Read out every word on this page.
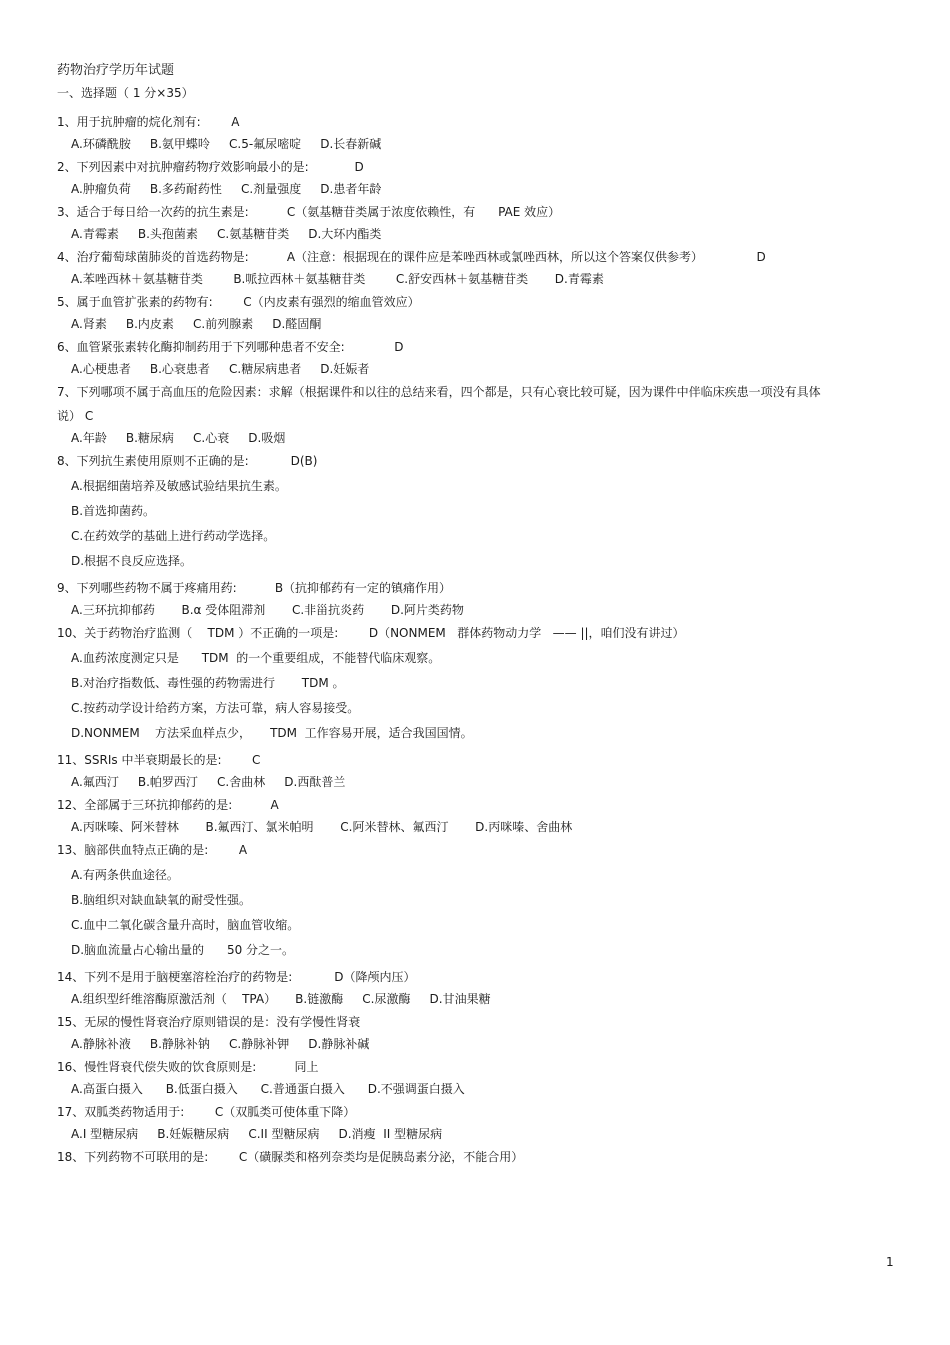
药物治疗学历年试题
一、选择题（ 1 分×35）
1、用于抗肿瘤的烷化剂有:        A
A.环磷酰胺     B.氨甲蝶呤     C.5-氟尿嘧啶     D.长春新碱
2、下列因素中对抗肿瘤药物疗效影响最小的是:            D
A.肿瘤负荷     B.多药耐药性     C.剂量强度     D.患者年龄
3、适合于每日给一次药的抗生素是:          C（氨基糖苷类属于浓度依赖性，有      PAE 效应）
A.青霉素     B.头孢菌素     C.氨基糖苷类     D.大环内酯类
4、治疗葡萄球菌肺炎的首选药物是:          A（注意：根据现在的课件应是苯唑西林或氯唑西林，所以这个答案仅供参考）              D
A.苯唑西林＋氨基糖苷类        B.哌拉西林＋氨基糖苷类        C.舒安西林＋氨基糖苷类       D.青霉素
5、属于血管扩张素的药物有:        C（内皮素有强烈的缩血管效应）
A.肾素     B.内皮素     C.前列腺素     D.醛固酮
6、血管紧张素转化酶抑制药用于下列哪种患者不安全:             D
A.心梗患者     B.心衰患者     C.糖尿病患者     D.妊娠者
7、下列哪项不属于高血压的危险因素：求解（根据课件和以往的总结来看，四个都是，只有心衰比较可疑，因为课件中伴临床疾患一项没有具体说） C
A.年龄     B.糖尿病     C.心衰     D.吸烟
8、下列抗生素使用原则不正确的是:           D(B)
A.根据细菌培养及敏感试验结果抗生素。
B.首选抑菌药。
C.在药效学的基础上进行药动学选择。
D.根据不良反应选择。
9、下列哪些药物不属于疼痛用药:          B（抗抑郁药有一定的镇痛作用）
A.三环抗抑郁药       B.α 受体阻滞剂       C.非甾抗炎药       D.阿片类药物
10、关于药物治疗监测（    TDM ）不正确的一项是:        D（NONMEM   群体药物动力学   —— ||，咱们没有讲过）
A.血药浓度测定只是      TDM  的一个重要组成，不能替代临床观察。
B.对治疗指数低、毒性强的药物需进行       TDM 。
C.按药动学设计给药方案，方法可靠，病人容易接受。
D.NONMEM    方法采血样点少，     TDM  工作容易开展，适合我国国情。
11、SSRIs 中半衰期最长的是:        C
A.氟西汀     B.帕罗西汀     C.舍曲林     D.西酞普兰
12、全部属于三环抗抑郁药的是:          A
A.丙咪嗪、阿米替林       B.氟西汀、氯米帕明       C.阿米替林、氟西汀       D.丙咪嗪、舍曲林
13、脑部供血特点正确的是:        A
A.有两条供血途径。
B.脑组织对缺血缺氧的耐受性强。
C.血中二氧化碳含量升高时，脑血管收缩。
D.脑血流量占心输出量的      50 分之一。
14、下列不是用于脑梗塞溶栓治疗的药物是:           D（降颅内压）
A.组织型纤维溶酶原激活剂（    TPA）     B.链激酶     C.尿激酶     D.甘油果糖
15、无尿的慢性肾衰治疗原则错误的是：没有学慢性肾衰
A.静脉补液     B.静脉补钠     C.静脉补钾     D.静脉补碱
16、慢性肾衰代偿失败的饮食原则是:          同上
A.高蛋白摄入      B.低蛋白摄入      C.普通蛋白摄入      D.不强调蛋白摄入
17、双胍类药物适用于:        C（双胍类可使体重下降）
A.I 型糖尿病     B.妊娠糖尿病     C.II 型糖尿病     D.消瘦  II 型糖尿病
18、下列药物不可联用的是:        C（磺脲类和格列奈类均是促胰岛素分泌，不能合用）
1
